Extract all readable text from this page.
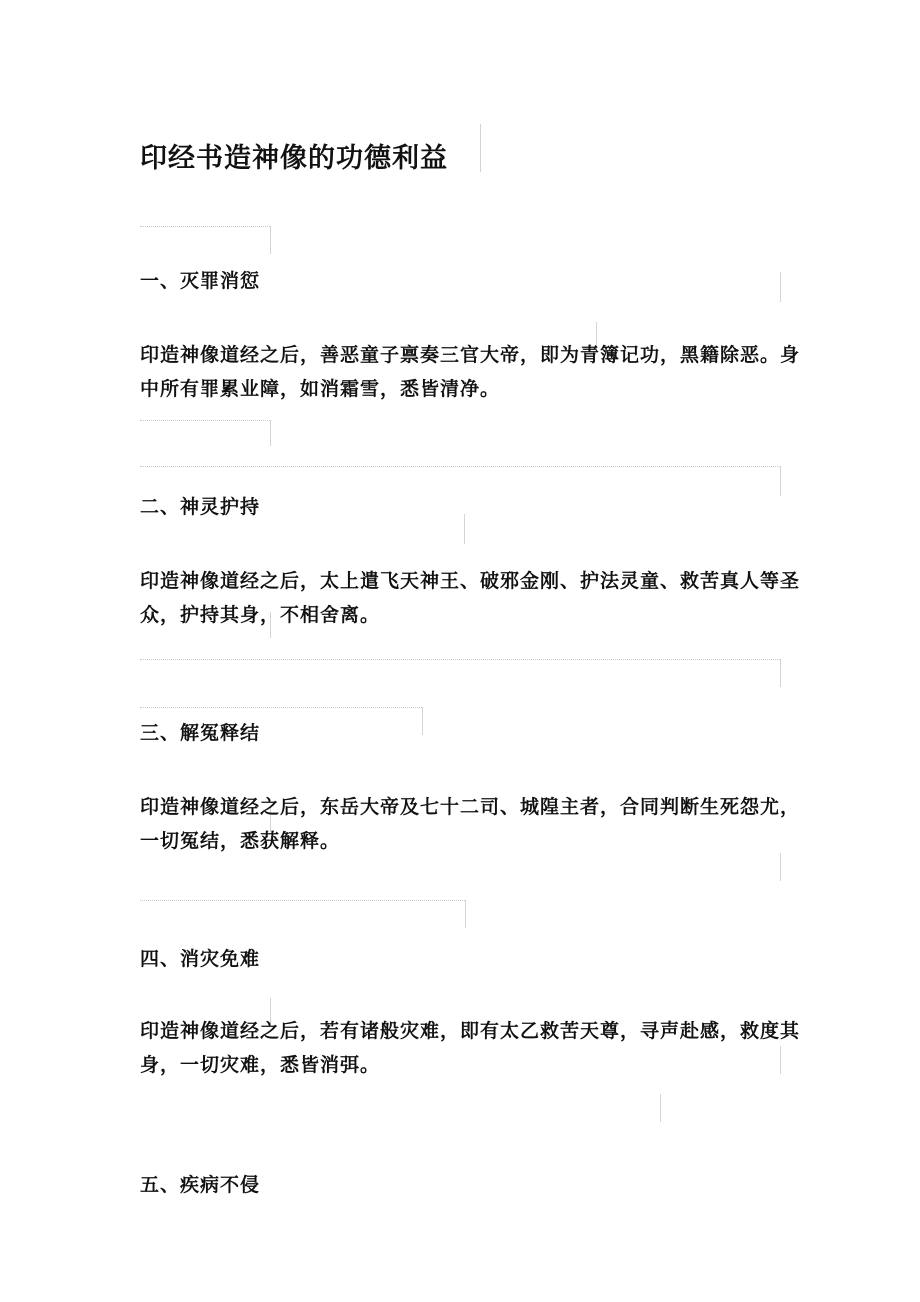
印经书造神像的功德利益
一、灭罪消愆

印造神像道经之后，善恶童子禀奏三官大帝，即为青簿记功，黑籍除恶。身中所有罪累业障，如消霜雪，悉皆清净。

二、神灵护持

印造神像道经之后，太上遣飞天神王、破邪金刚、护法灵童、救苦真人等圣众，护持其身，不相舍离。

三、解冤释结

印造神像道经之后，东岳大帝及七十二司、城隍主者，合同判断生死怨尤，一切冤结，悉获解释。

四、消灾免难

印造神像道经之后，若有诸般灾难，即有太乙救苦天尊，寻声赴感，救度其身，一切灾难，悉皆消弭。

五、疾病不侵
